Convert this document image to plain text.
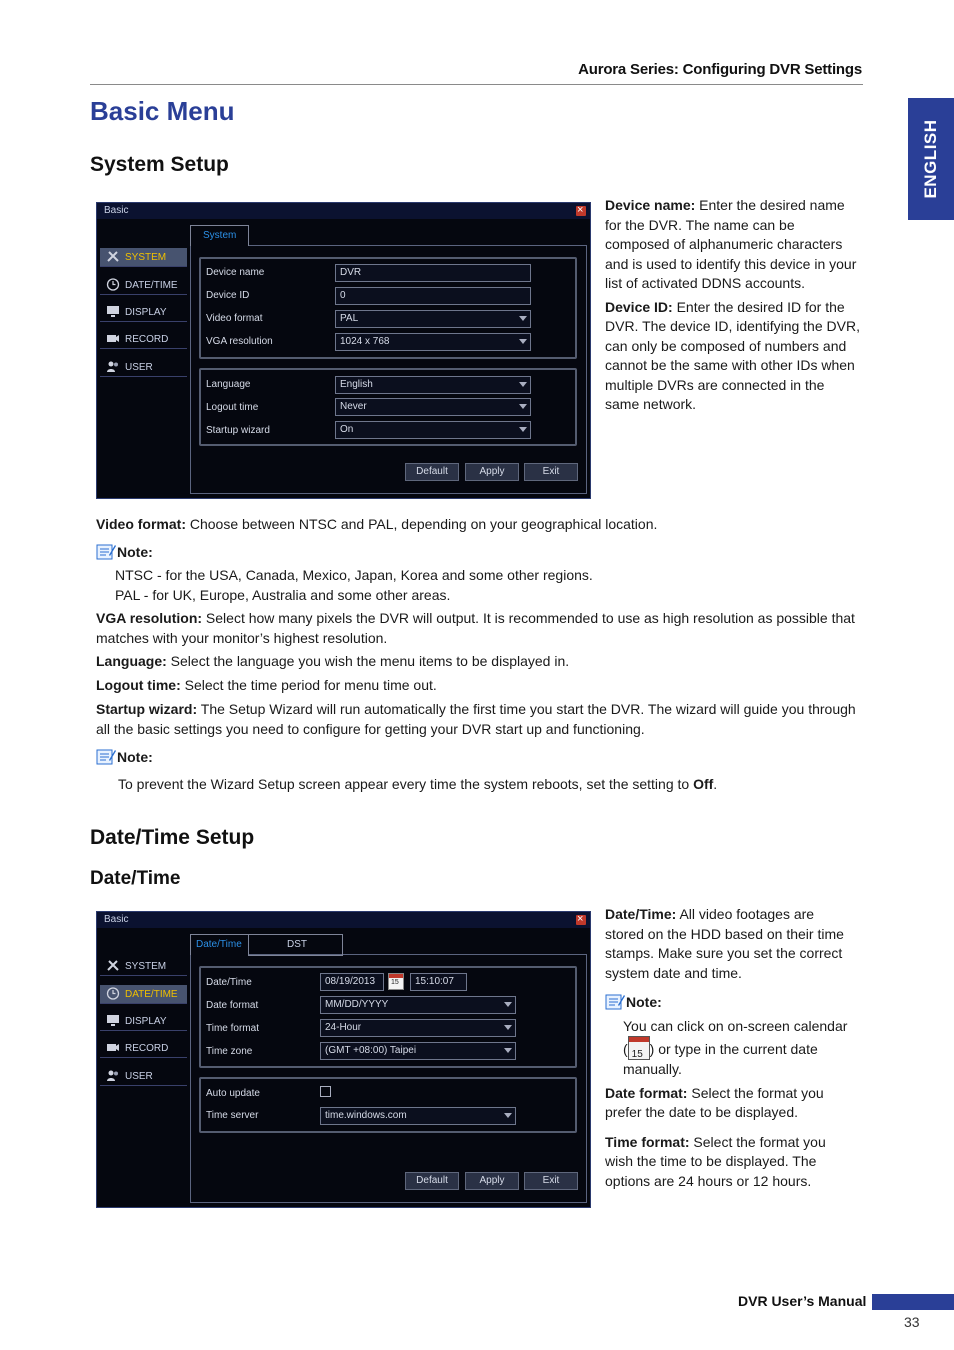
Aurora Series: Configuring DVR Settings
ENGLISH
Basic Menu
System Setup
Basic
×
SYSTEM
DATE/TIME
DISPLAY
RECORD
USER
System
Device name	DVR
Device ID	0
Video format	PAL
VGA resolution	1024 x 768
Language	English
Logout time	Never
Startup wizard	On
Default	Apply	Exit

Device name: Enter the desired name for the DVR. The name can be composed of alphanumeric characters and is used to identify this device in your list of activated DDNS accounts.

Device ID: Enter the desired ID for the DVR. The device ID, identifying the DVR, can only be composed of numbers and cannot be the same with other IDs when multiple DVRs are connected in the same network.

Video format: Choose between NTSC and PAL, depending on your geographical location.
Note:

NTSC - for the USA, Canada, Mexico, Japan, Korea and some other regions.

PAL - for UK, Europe, Australia and some other areas.

VGA resolution: Select how many pixels the DVR will output. It is recommended to use as high resolution as possible that matches with your monitor’s highest resolution.
Language: Select the language you wish the menu items to be displayed in.
Logout time: Select the time period for menu time out.
Startup wizard: The Setup Wizard will run automatically the first time you start the DVR. The wizard will guide you through all the basic settings you need to configure for getting your DVR start up and functioning.
Note:
To prevent the Wizard Setup screen appear every time the system reboots, set the setting to Off.
Date/Time Setup
Date/Time
Basic
×
SYSTEM
DATE/TIME
DISPLAY
RECORD
USER
Date/Time	DST
Date/Time	08/19/2013 15 15:10:07
Date format	MM/DD/YYYY
Time format	24-Hour
Time zone	(GMT +08:00) Taipei
Auto update
Time server	time.windows.com
Default	Apply	Exit

Date/Time: All video footages are stored on the HDD based on their time stamps. Make sure you set the correct system date and time.

Note:

You can click on on-screen calendar ( 15 ) or type in the current date manually.

Date format: Select the format you prefer the date to be displayed.

Time format: Select the format you wish the time to be displayed. The options are 24 hours or 12 hours.

DVR User’s Manual
33
